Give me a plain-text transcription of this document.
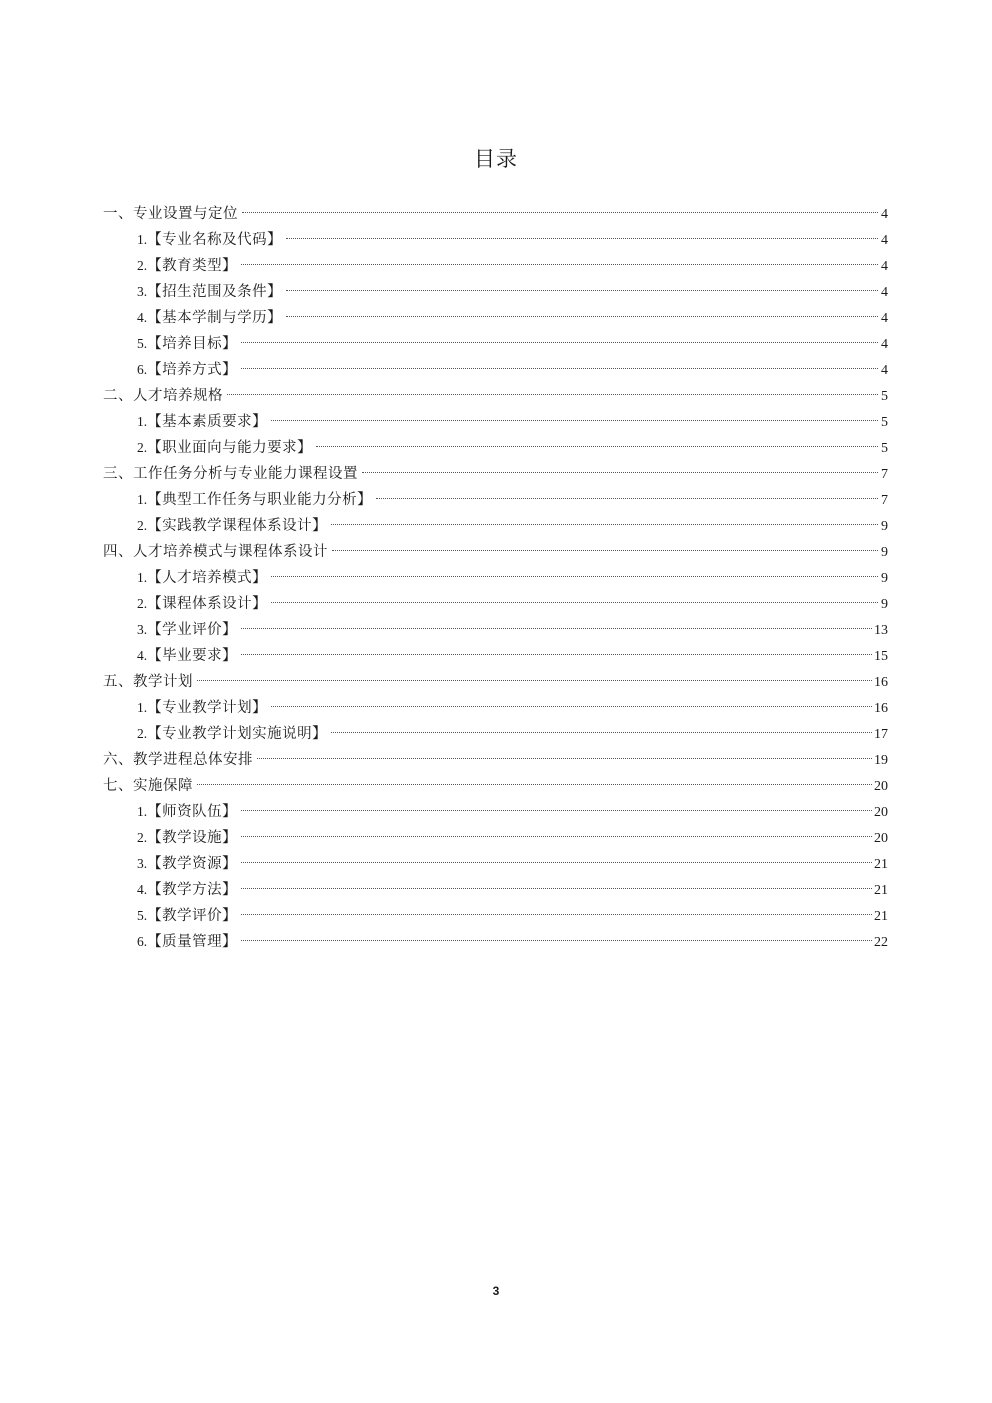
目录
一、专业设置与定位	4
1.【专业名称及代码】	4
2.【教育类型】	4
3.【招生范围及条件】	4
4.【基本学制与学历】	4
5.【培养目标】	4
6.【培养方式】	4
二、人才培养规格	5
1.【基本素质要求】	5
2.【职业面向与能力要求】	5
三、工作任务分析与专业能力课程设置	7
1.【典型工作任务与职业能力分析】	7
2.【实践教学课程体系设计】	9
四、人才培养模式与课程体系设计	9
1.【人才培养模式】	9
2.【课程体系设计】	9
3.【学业评价】	13
4.【毕业要求】	15
五、教学计划	16
1.【专业教学计划】	16
2.【专业教学计划实施说明】	17
六、教学进程总体安排	19
七、实施保障	20
1.【师资队伍】	20
2.【教学设施】	20
3.【教学资源】	21
4.【教学方法】	21
5.【教学评价】	21
6.【质量管理】	22
3
